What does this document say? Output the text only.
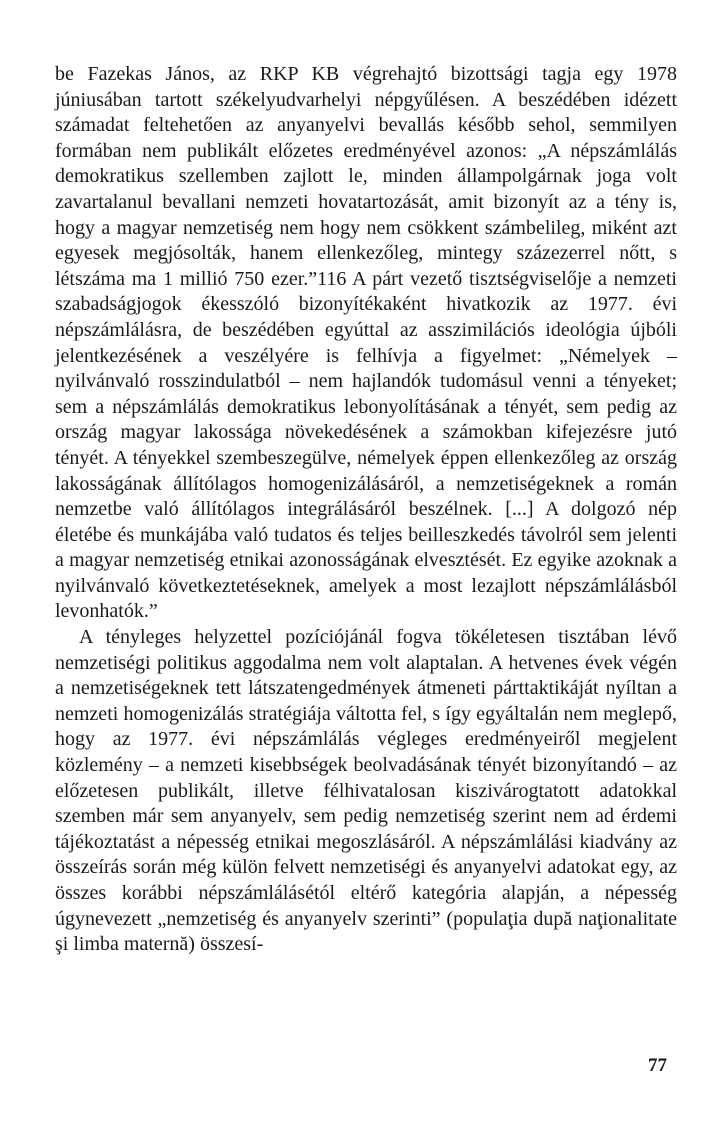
be Fazekas János, az RKP KB végrehajtó bizottsági tagja egy 1978 júniusában tartott székelyudvarhelyi népgyűlésen. A beszédében idézett számadat feltehetően az anyanyelvi bevallás később sehol, semmilyen formában nem publikált előzetes eredményével azonos: „A népszámlálás demokratikus szellemben zajlott le, minden állampolgárnak joga volt zavartalanul bevallani nemzeti hovatartozását, amit bizonyít az a tény is, hogy a magyar nemzetiség nem hogy nem csökkent számbelileg, miként azt egyesek megjósolták, hanem ellenkezőleg, mintegy százezerrel nőtt, s létszáma ma 1 millió 750 ezer.”116 A párt vezető tisztségviselője a nemzeti szabadságjogok ékesszóló bizonyítékaként hivatkozik az 1977. évi népszámlálásra, de beszédében egyúttal az asszimilációs ideológia újbóli jelentkezésének a veszélyére is felhívja a figyelmet: „Némelyek – nyilvánvaló rosszindulatból – nem hajlandók tudomásul venni a tényeket; sem a népszámlálás demokratikus lebonyolításának a tényét, sem pedig az ország magyar lakossága növekedésének a számokban kifejezésre jutó tényét. A tényekkel szembeszegülve, némelyek éppen ellenkezőleg az ország lakosságának állítólagos homogenizálásáról, a nemzetiségeknek a román nemzetbe való állítólagos integrálásáról beszélnek. [...] A dolgozó nép életébe és munkájába való tudatos és teljes beilleszkedés távolról sem jelenti a magyar nemzetiség etnikai azonosságának elvesztését. Ez egyike azoknak a nyilvánvaló következtetéseknek, amelyek a most lezajlott népszámlálásból levonhatók.”

A tényleges helyzettel pozíciójánál fogva tökéletesen tisztában lévő nemzetiségi politikus aggodalma nem volt alaptalan. A hetvenes évek végén a nemzetiségeknek tett látszatengedmények átmeneti párttaktikáját nyíltan a nemzeti homogenizálás stratégiája váltotta fel, s így egyáltalán nem meglepő, hogy az 1977. évi népszámlálás végleges eredményeiről megjelent közlemény – a nemzeti kisebbségek beolvadásának tényét bizonyítandó – az előzetesen publikált, illetve félhivatalosan kiszivárogtatott adatokkal szemben már sem anyanyelv, sem pedig nemzetiség szerint nem ad érdemi tájékoztatást a népesség etnikai megoszlásáról. A népszámlálási kiadvány az összeírás során még külön felvett nemzetiségi és anyanyelvi adatokat egy, az összes korábbi népszámlálásétól eltérő kategória alapján, a népesség úgynevezett „nemzetiség és anyanyelv szerinti” (populaţia după naţionalitate şi limba maternă) összesí-

77
